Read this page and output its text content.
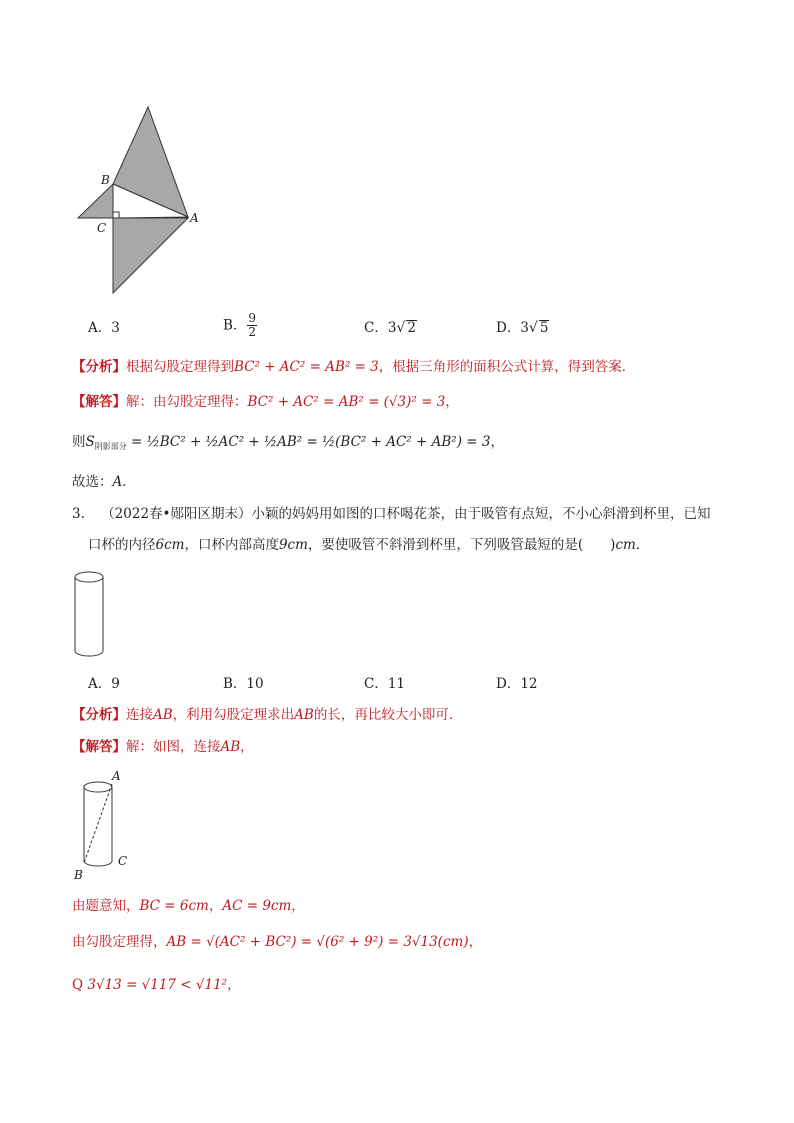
B
C
A
A．3	B． $\frac{9}{2}$	C．3√ 2	D．3√ 5
【分析】根据勾股定理得到BC² + AC² = AB² = 3，根据三角形的面积公式计算，得到答案．
【解答】解：由勾股定理得：BC² + AC² = AB² = (√3)² = 3，
则$S_{阴影部分}$ = ½BC² + ½AC² + ½AB² = ½(BC² + AC² + AB²) = 3，
故选：A．
3. （2022春•郧阳区期末）小颖的妈妈用如图的口杯喝花茶，由于吸管有点短，不小心斜滑到杯里，已知
口杯的内径6cm，口杯内部高度9cm，要使吸管不斜滑到杯里，下列吸管最短的是(　　)cm．
A．9	B．10	C．11	D．12
【分析】连接AB，利用勾股定理求出AB的长，再比较大小即可．
【解答】解：如图，连接AB，
A
C
B
由题意知，BC = 6cm，AC = 9cm，
由勾股定理得，AB = √(AC² + BC²) = √(6² + 9²) = 3√13(cm)，
Q 3√13 = √117 < √11²，
